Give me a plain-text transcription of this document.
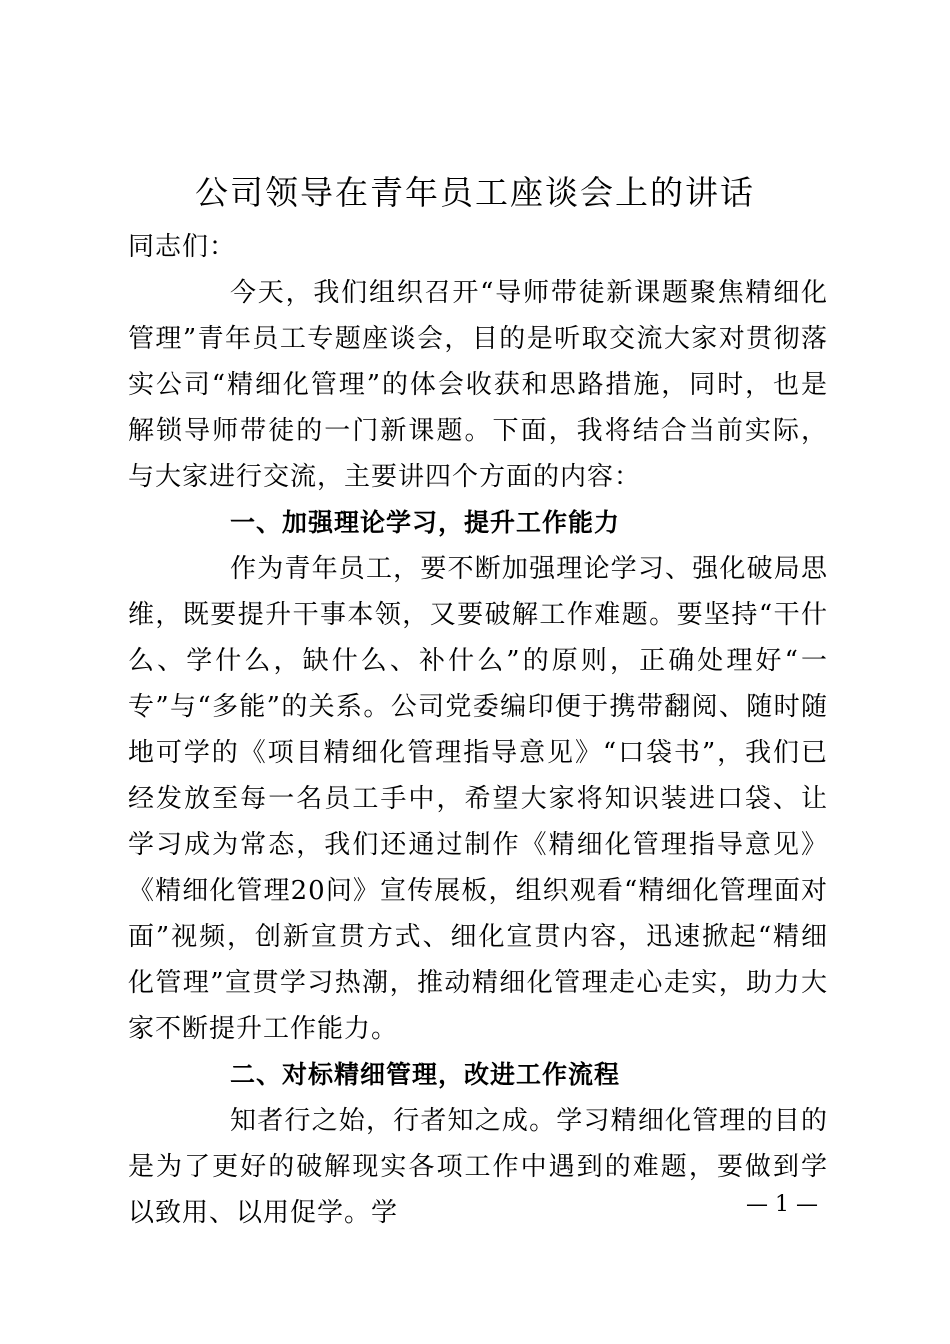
公司领导在青年员工座谈会上的讲话

同志们：

今天，我们组织召开“导师带徒新课题聚焦精细化管理”青年员工专题座谈会，目的是听取交流大家对贯彻落实公司“精细化管理”的体会收获和思路措施，同时，也是解锁导师带徒的一门新课题。下面，我将结合当前实际，与大家进行交流，主要讲四个方面的内容：

一、加强理论学习，提升工作能力

作为青年员工，要不断加强理论学习、强化破局思维，既要提升干事本领，又要破解工作难题。要坚持“干什么、学什么，缺什么、补什么”的原则，正确处理好“一专”与“多能”的关系。公司党委编印便于携带翻阅、随时随地可学的《项目精细化管理指导意见》“口袋书”，我们已经发放至每一名员工手中，希望大家将知识装进口袋、让学习成为常态，我们还通过制作《精细化管理指导意见》《精细化管理20问》宣传展板，组织观看“精细化管理面对面”视频，创新宣贯方式、细化宣贯内容，迅速掀起“精细化管理”宣贯学习热潮，推动精细化管理走心走实，助力大家不断提升工作能力。

二、对标精细管理，改进工作流程

知者行之始，行者知之成。学习精细化管理的目的是为了更好的破解现实各项工作中遇到的难题，要做到学以致用、以用促学。学	— 1 —
